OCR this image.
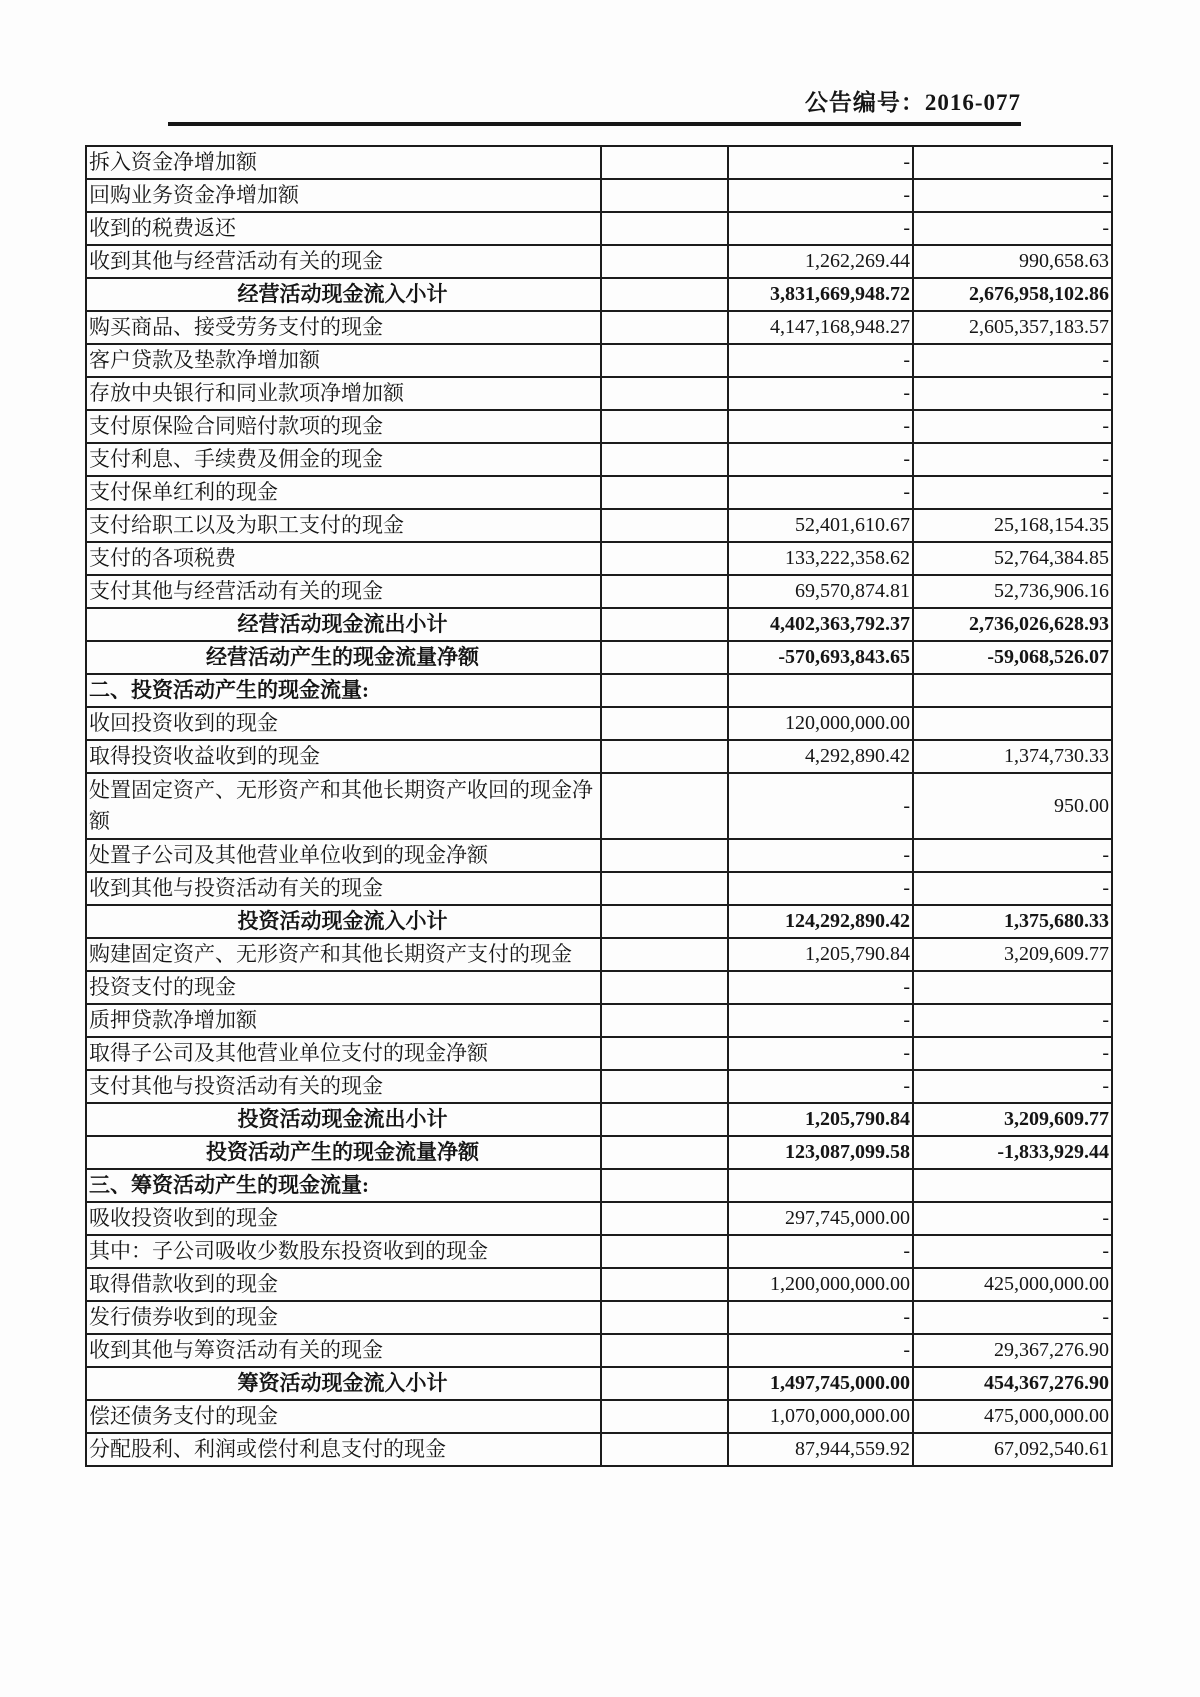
公告编号：2016-077
拆入资金净增加额		-	-
回购业务资金净增加额		-	-
收到的税费返还		-	-
收到其他与经营活动有关的现金		1,262,269.44	990,658.63
经营活动现金流入小计		3,831,669,948.72	2,676,958,102.86
购买商品、接受劳务支付的现金		4,147,168,948.27	2,605,357,183.57
客户贷款及垫款净增加额		-	-
存放中央银行和同业款项净增加额		-	-
支付原保险合同赔付款项的现金		-	-
支付利息、手续费及佣金的现金		-	-
支付保单红利的现金		-	-
支付给职工以及为职工支付的现金		52,401,610.67	25,168,154.35
支付的各项税费		133,222,358.62	52,764,384.85
支付其他与经营活动有关的现金		69,570,874.81	52,736,906.16
经营活动现金流出小计		4,402,363,792.37	2,736,026,628.93
经营活动产生的现金流量净额		-570,693,843.65	-59,068,526.07
二、投资活动产生的现金流量:			
收回投资收到的现金		120,000,000.00	
取得投资收益收到的现金		4,292,890.42	1,374,730.33
处置固定资产、无形资产和其他长期资产收回的现金净额		-	950.00
处置子公司及其他营业单位收到的现金净额		-	-
收到其他与投资活动有关的现金		-	-
投资活动现金流入小计		124,292,890.42	1,375,680.33
购建固定资产、无形资产和其他长期资产支付的现金		1,205,790.84	3,209,609.77
投资支付的现金		-	
质押贷款净增加额		-	-
取得子公司及其他营业单位支付的现金净额		-	-
支付其他与投资活动有关的现金		-	-
投资活动现金流出小计		1,205,790.84	3,209,609.77
投资活动产生的现金流量净额		123,087,099.58	-1,833,929.44
三、筹资活动产生的现金流量:			
吸收投资收到的现金		297,745,000.00	-
其中：子公司吸收少数股东投资收到的现金		-	-
取得借款收到的现金		1,200,000,000.00	425,000,000.00
发行债券收到的现金		-	-
收到其他与筹资活动有关的现金		-	29,367,276.90
筹资活动现金流入小计		1,497,745,000.00	454,367,276.90
偿还债务支付的现金		1,070,000,000.00	475,000,000.00
分配股利、利润或偿付利息支付的现金		87,944,559.92	67,092,540.61
